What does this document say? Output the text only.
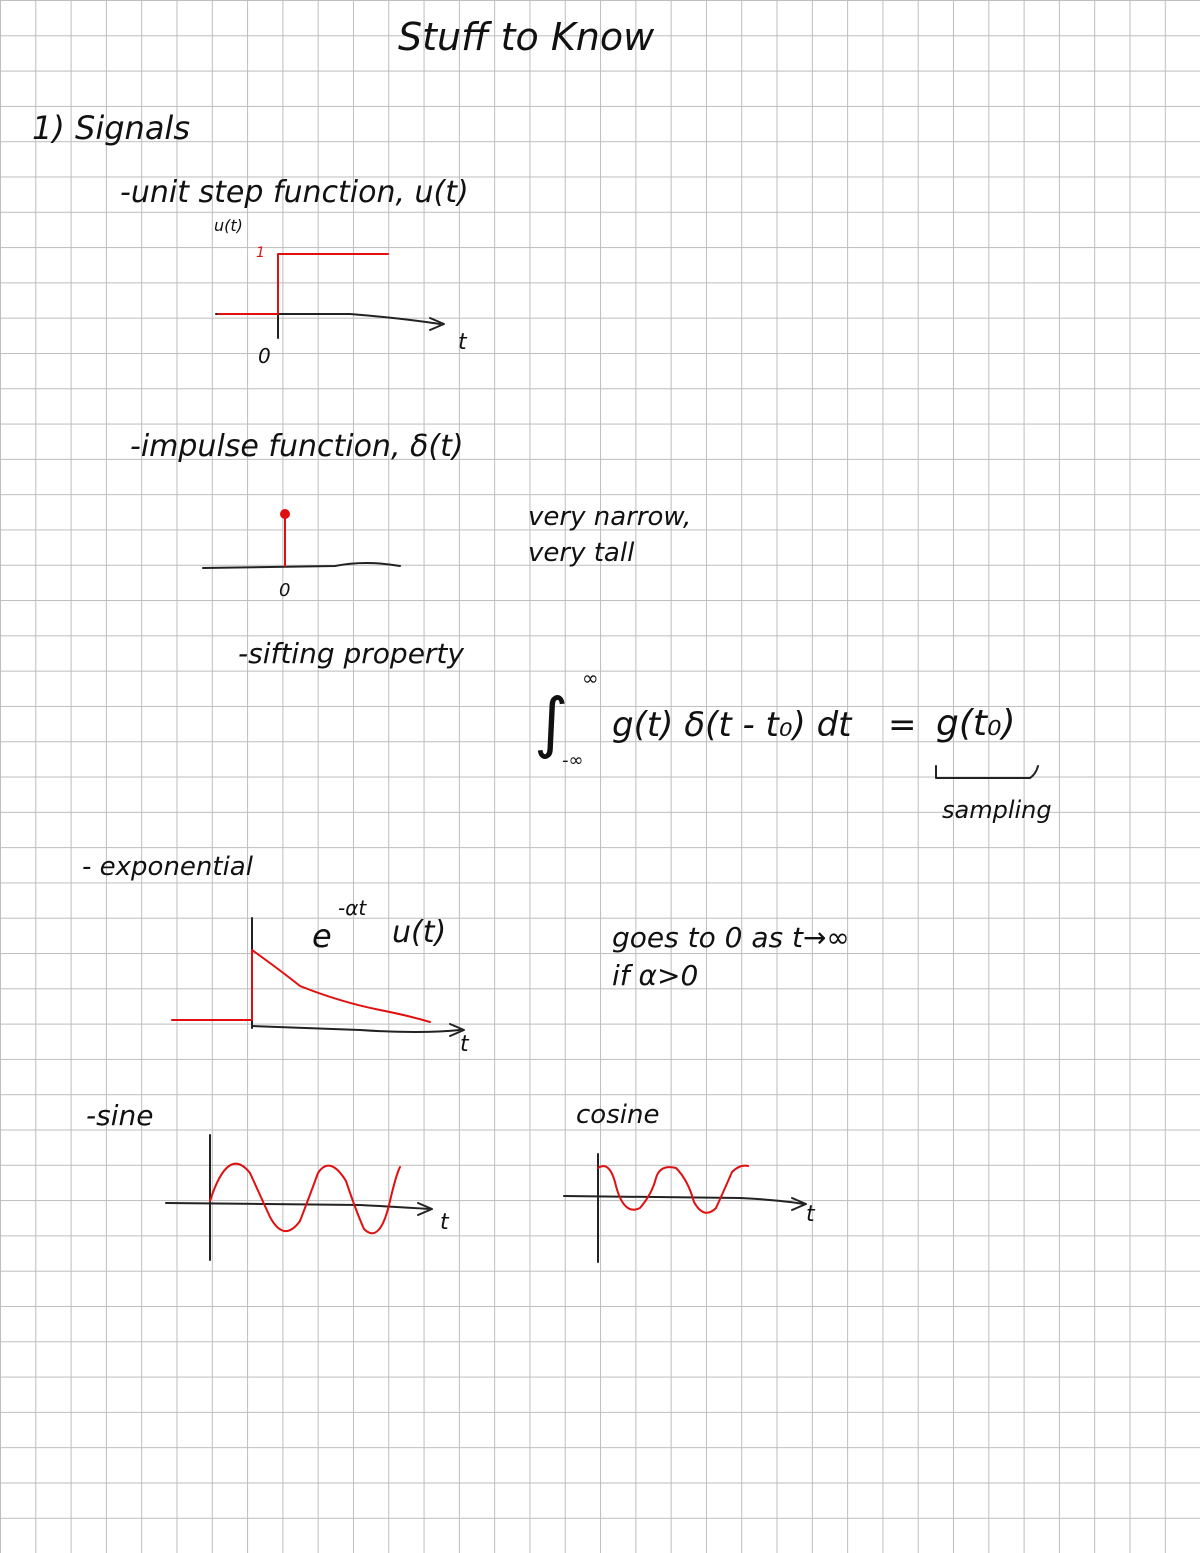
Stuff to Know
1) Signals
-unit step function, u(t)
u(t)
1
0
t
-impulse function, δ(t)
0
very narrow,
very tall
-sifting property
∫
∞
-∞
g(t) δ(t - t₀) dt = g(t₀)
sampling
- exponential
e
-αt
u(t)	goes to 0 as t→∞
if α>0
t
-sine
t
cosine
t
